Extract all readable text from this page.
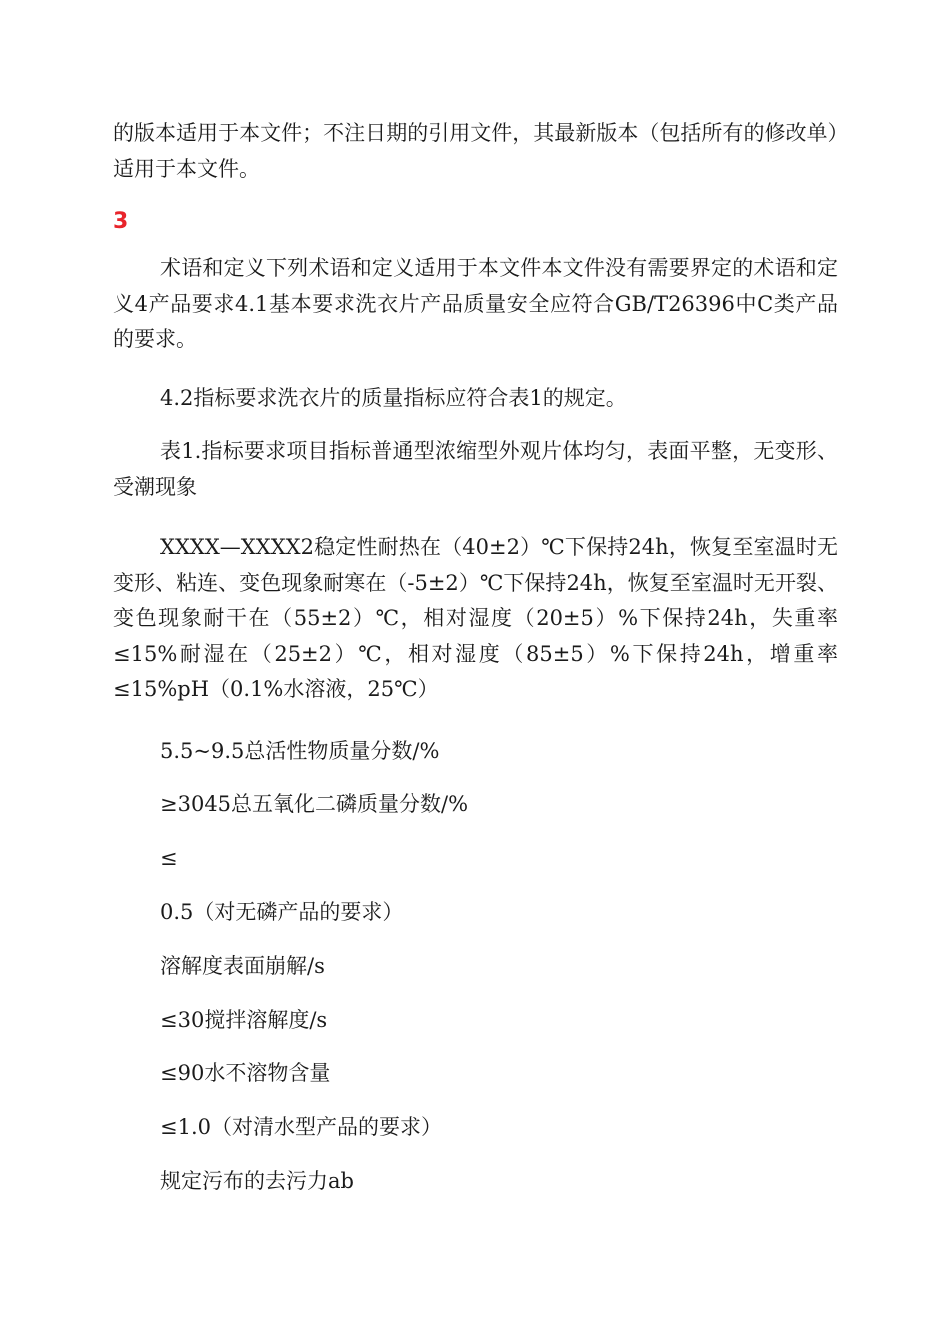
的版本适用于本文件；不注日期的引用文件，其最新版本（包括所有的修改单）适用于本文件。

3

术语和定义下列术语和定义适用于本文件本文件没有需要界定的术语和定义4产品要求4.1基本要求洗衣片产品质量安全应符合GB/T26396中C类产品的要求。

4.2指标要求洗衣片的质量指标应符合表1的规定。

表1.指标要求项目指标普通型浓缩型外观片体均匀，表面平整，无变形、受潮现象

XXXX—XXXX2稳定性耐热在（40±2）℃下保持24h，恢复至室温时无变形、粘连、变色现象耐寒在（-5±2）℃下保持24h，恢复至室温时无开裂、变色现象耐干在（55±2）℃，相对湿度（20±5）%下保持24h，失重率≤15%耐湿在（25±2）℃，相对湿度（85±5）%下保持24h，增重率≤15%pH（0.1%水溶液，25℃）

5.5~9.5总活性物质量分数/%

≥3045总五氧化二磷质量分数/%

≤

0.5（对无磷产品的要求）

溶解度表面崩解/s

≤30搅拌溶解度/s

≤90水不溶物含量

≤1.0（对清水型产品的要求）

规定污布的去污力ab
